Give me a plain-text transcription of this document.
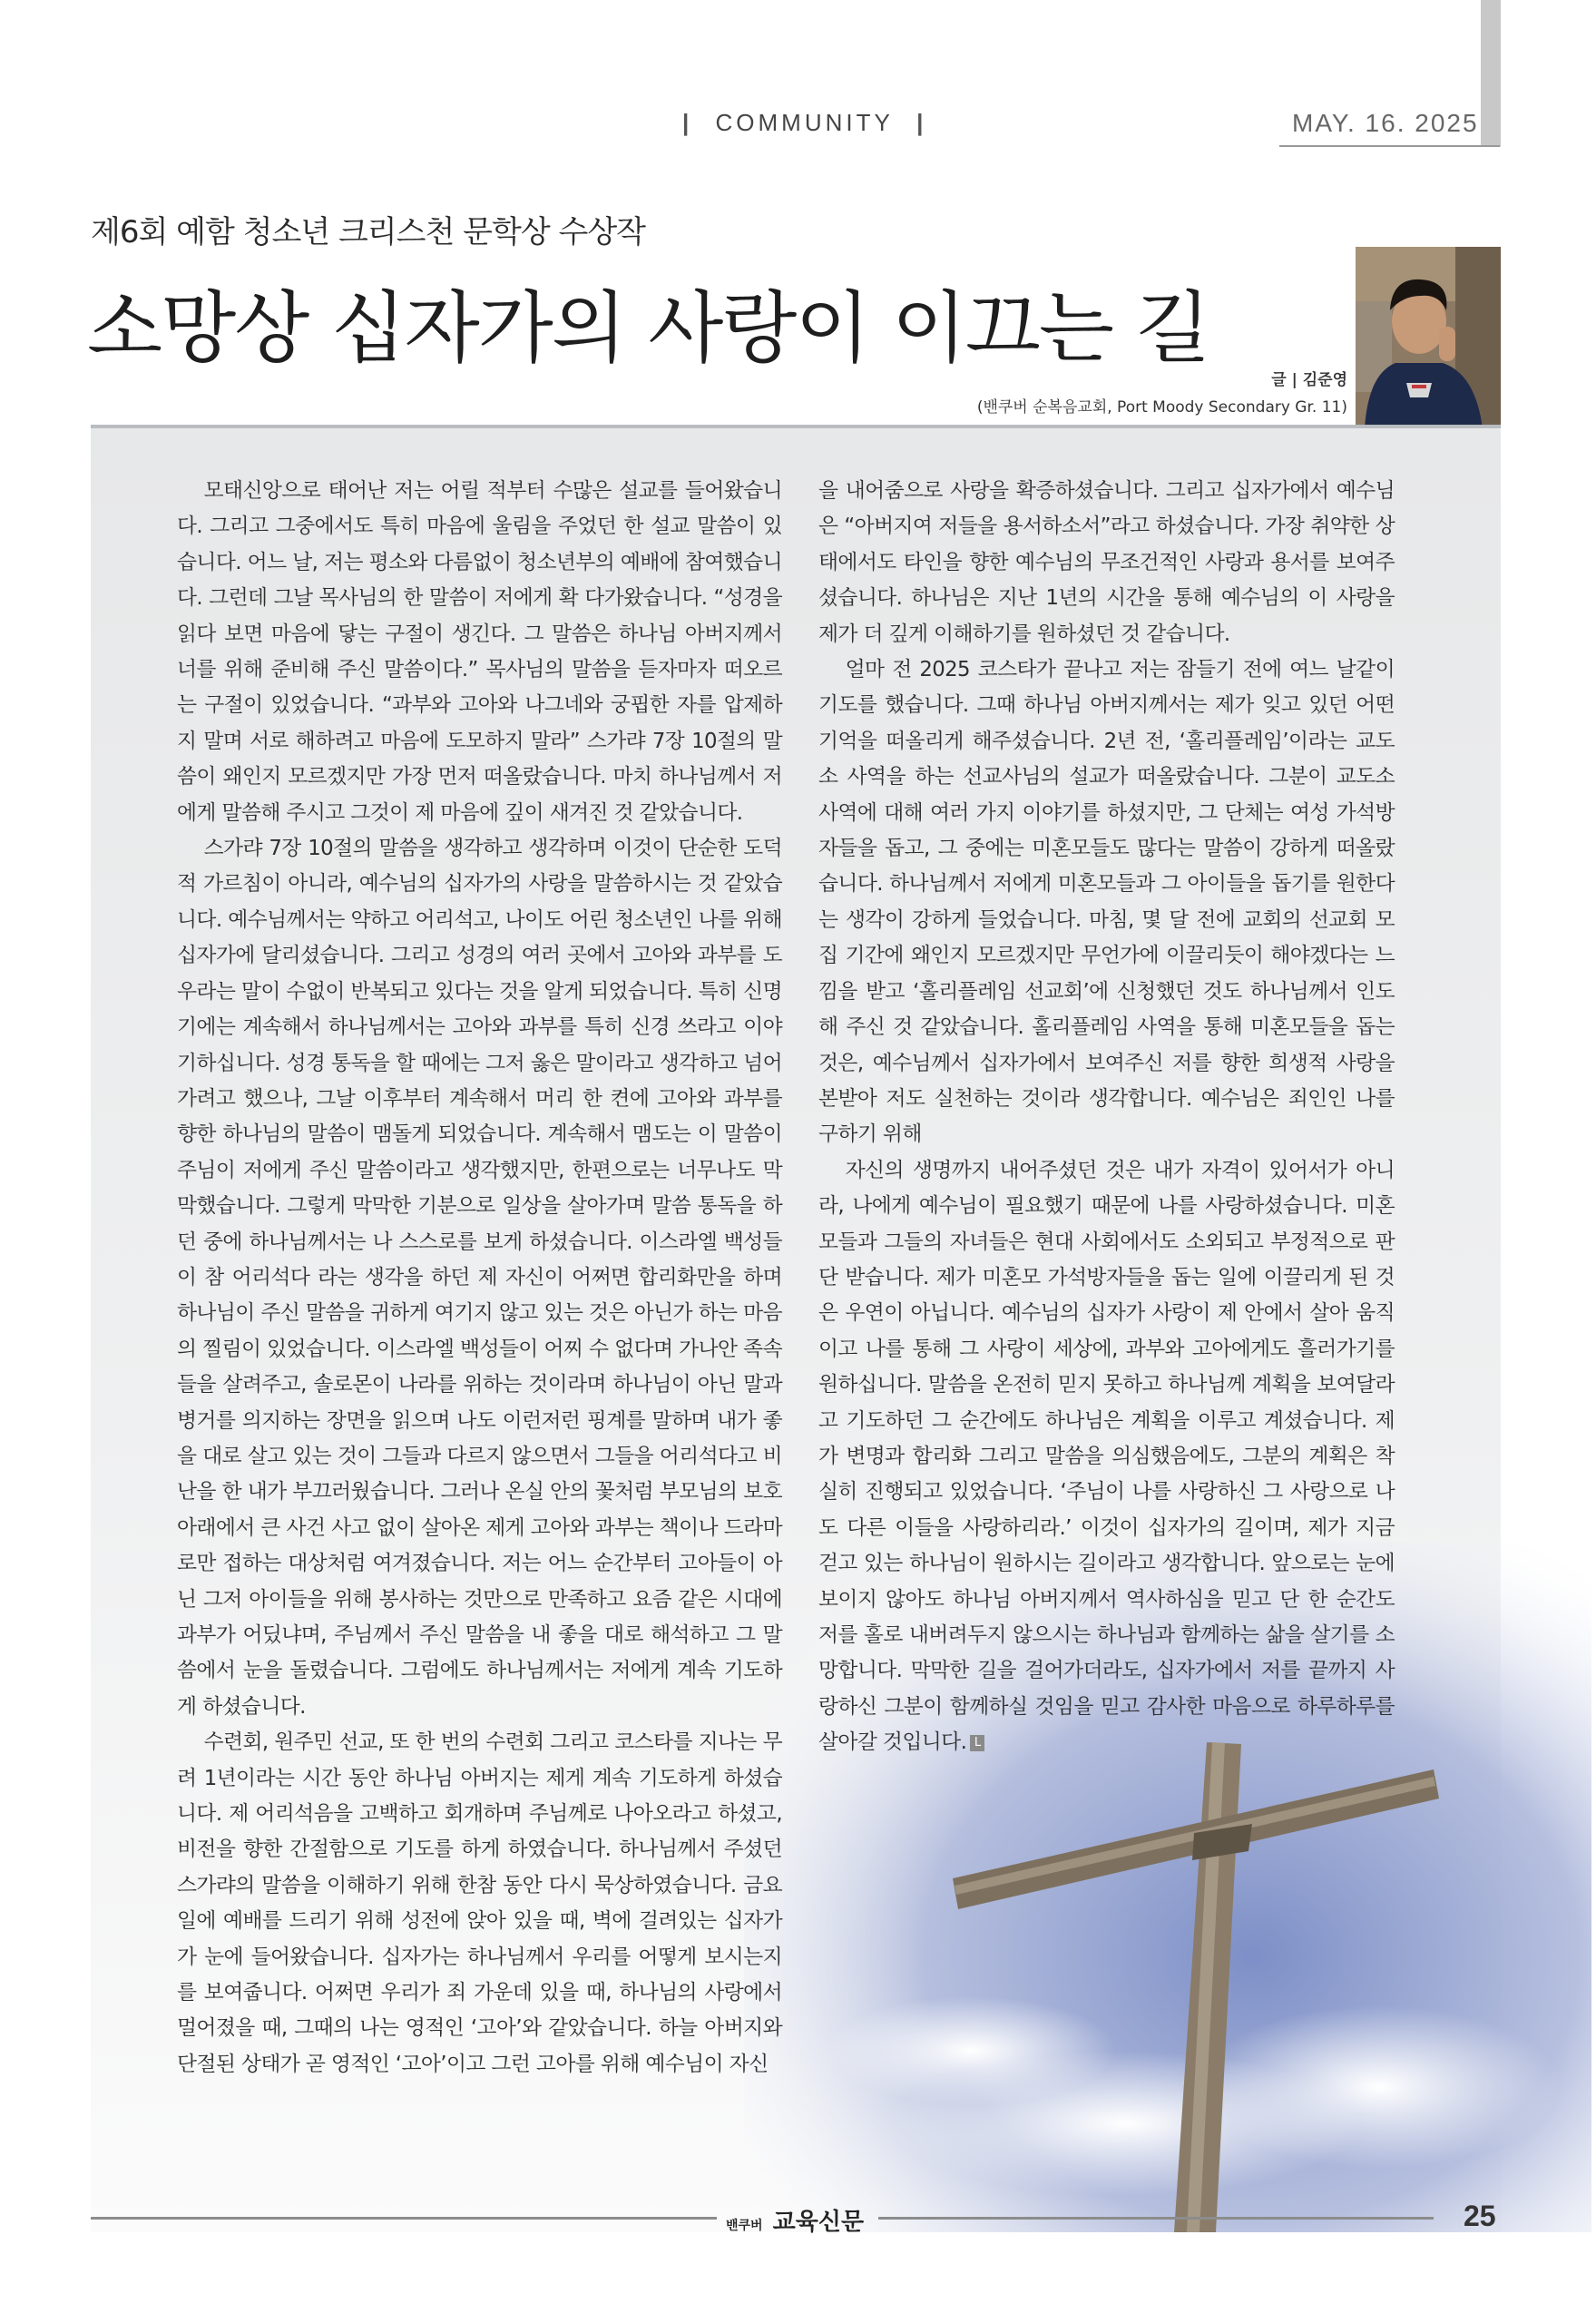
| COMMUNITY |	MAY. 16. 2025
제6회 예함 청소년 크리스천 문학상 수상작
소망상 십자가의 사랑이 이끄는 길
글 | 김준영
(밴쿠버 순복음교회, Port Moody Secondary Gr. 11)

모태신앙으로 태어난 저는 어릴 적부터 수많은 설교를 들어왔습니다. 그리고 그중에서도 특히 마음에 울림을 주었던 한 설교 말씀이 있습니다. 어느 날, 저는 평소와 다름없이 청소년부의 예배에 참여했습니다. 그런데 그날 목사님의 한 말씀이 저에게 확 다가왔습니다. “성경을 읽다 보면 마음에 닿는 구절이 생긴다. 그 말씀은 하나님 아버지께서 너를 위해 준비해 주신 말씀이다.” 목사님의 말씀을 듣자마자 떠오르는 구절이 있었습니다. “과부와 고아와 나그네와 궁핍한 자를 압제하지 말며 서로 해하려고 마음에 도모하지 말라” 스가랴 7장 10절의 말씀이 왜인지 모르겠지만 가장 먼저 떠올랐습니다. 마치 하나님께서 저에게 말씀해 주시고 그것이 제 마음에 깊이 새겨진 것 같았습니다.

스가랴 7장 10절의 말씀을 생각하고 생각하며 이것이 단순한 도덕적 가르침이 아니라, 예수님의 십자가의 사랑을 말씀하시는 것 같았습니다. 예수님께서는 약하고 어리석고, 나이도 어린 청소년인 나를 위해 십자가에 달리셨습니다. 그리고 성경의 여러 곳에서 고아와 과부를 도우라는 말이 수없이 반복되고 있다는 것을 알게 되었습니다. 특히 신명기에는 계속해서 하나님께서는 고아와 과부를 특히 신경 쓰라고 이야기하십니다. 성경 통독을 할 때에는 그저 옳은 말이라고 생각하고 넘어가려고 했으나, 그날 이후부터 계속해서 머리 한 켠에 고아와 과부를 향한 하나님의 말씀이 맴돌게 되었습니다. 계속해서 맴도는 이 말씀이 주님이 저에게 주신 말씀이라고 생각했지만, 한편으로는 너무나도 막막했습니다. 그렇게 막막한 기분으로 일상을 살아가며 말씀 통독을 하던 중에 하나님께서는 나 스스로를 보게 하셨습니다. 이스라엘 백성들이 참 어리석다 라는 생각을 하던 제 자신이 어쩌면 합리화만을 하며 하나님이 주신 말씀을 귀하게 여기지 않고 있는 것은 아닌가 하는 마음의 찔림이 있었습니다. 이스라엘 백성들이 어찌 수 없다며 가나안 족속들을 살려주고, 솔로몬이 나라를 위하는 것이라며 하나님이 아닌 말과 병거를 의지하는 장면을 읽으며 나도 이런저런 핑계를 말하며 내가 좋을 대로 살고 있는 것이 그들과 다르지 않으면서 그들을 어리석다고 비난을 한 내가 부끄러웠습니다. 그러나 온실 안의 꽃처럼 부모님의 보호 아래에서 큰 사건 사고 없이 살아온 제게 고아와 과부는 책이나 드라마로만 접하는 대상처럼 여겨졌습니다. 저는 어느 순간부터 고아들이 아닌 그저 아이들을 위해 봉사하는 것만으로 만족하고 요즘 같은 시대에 과부가 어딨냐며, 주님께서 주신 말씀을 내 좋을 대로 해석하고 그 말씀에서 눈을 돌렸습니다. 그럼에도 하나님께서는 저에게 계속 기도하게 하셨습니다.

수련회, 원주민 선교, 또 한 번의 수련회 그리고 코스타를 지나는 무려 1년이라는 시간 동안 하나님 아버지는 제게 계속 기도하게 하셨습니다. 제 어리석음을 고백하고 회개하며 주님께로 나아오라고 하셨고, 비전을 향한 간절함으로 기도를 하게 하였습니다. 하나님께서 주셨던 스가랴의 말씀을 이해하기 위해 한참 동안 다시 묵상하였습니다. 금요일에 예배를 드리기 위해 성전에 앉아 있을 때, 벽에 걸려있는 십자가가 눈에 들어왔습니다. 십자가는 하나님께서 우리를 어떻게 보시는지를 보여줍니다. 어쩌면 우리가 죄 가운데 있을 때, 하나님의 사랑에서 멀어졌을 때, 그때의 나는 영적인 ‘고아’와 같았습니다. 하늘 아버지와 단절된 상태가 곧 영적인 ‘고아’이고 그런 고아를 위해 예수님이 자신

을 내어줌으로 사랑을 확증하셨습니다. 그리고 십자가에서 예수님은 “아버지여 저들을 용서하소서”라고 하셨습니다. 가장 취약한 상태에서도 타인을 향한 예수님의 무조건적인 사랑과 용서를 보여주셨습니다. 하나님은 지난 1년의 시간을 통해 예수님의 이 사랑을 제가 더 깊게 이해하기를 원하셨던 것 같습니다.

얼마 전 2025 코스타가 끝나고 저는 잠들기 전에 여느 날같이 기도를 했습니다. 그때 하나님 아버지께서는 제가 잊고 있던 어떤 기억을 떠올리게 해주셨습니다. 2년 전, ‘홀리플레임’이라는 교도소 사역을 하는 선교사님의 설교가 떠올랐습니다. 그분이 교도소 사역에 대해 여러 가지 이야기를 하셨지만, 그 단체는 여성 가석방자들을 돕고, 그 중에는 미혼모들도 많다는 말씀이 강하게 떠올랐습니다. 하나님께서 저에게 미혼모들과 그 아이들을 돕기를 원한다는 생각이 강하게 들었습니다. 마침, 몇 달 전에 교회의 선교회 모집 기간에 왜인지 모르겠지만 무언가에 이끌리듯이 해야겠다는 느낌을 받고 ‘홀리플레임 선교회’에 신청했던 것도 하나님께서 인도해 주신 것 같았습니다. 홀리플레임 사역을 통해 미혼모들을 돕는 것은, 예수님께서 십자가에서 보여주신 저를 향한 희생적 사랑을 본받아 저도 실천하는 것이라 생각합니다. 예수님은 죄인인 나를 구하기 위해

자신의 생명까지 내어주셨던 것은 내가 자격이 있어서가 아니라, 나에게 예수님이 필요했기 때문에 나를 사랑하셨습니다. 미혼모들과 그들의 자녀들은 현대 사회에서도 소외되고 부정적으로 판단 받습니다. 제가 미혼모 가석방자들을 돕는 일에 이끌리게 된 것은 우연이 아닙니다. 예수님의 십자가 사랑이 제 안에서 살아 움직이고 나를 통해 그 사랑이 세상에, 과부와 고아에게도 흘러가기를 원하십니다. 말씀을 온전히 믿지 못하고 하나님께 계획을 보여달라고 기도하던 그 순간에도 하나님은 계획을 이루고 계셨습니다. 제가 변명과 합리화 그리고 말씀을 의심했음에도, 그분의 계획은 착실히 진행되고 있었습니다. ‘주님이 나를 사랑하신 그 사랑으로 나도 다른 이들을 사랑하리라.’ 이것이 십자가의 길이며, 제가 지금 걷고 있는 하나님이 원하시는 길이라고 생각합니다. 앞으로는 눈에 보이지 않아도 하나님 아버지께서 역사하심을 믿고 단 한 순간도 저를 홀로 내버려두지 않으시는 하나님과 함께하는 삶을 살기를 소망합니다. 막막한 길을 걸어가더라도, 십자가에서 저를 끝까지 사랑하신 그분이 함께하실 것임을 믿고 감사한 마음으로 하루하루를 살아갈 것입니다. L

밴쿠버 교육신문	25
